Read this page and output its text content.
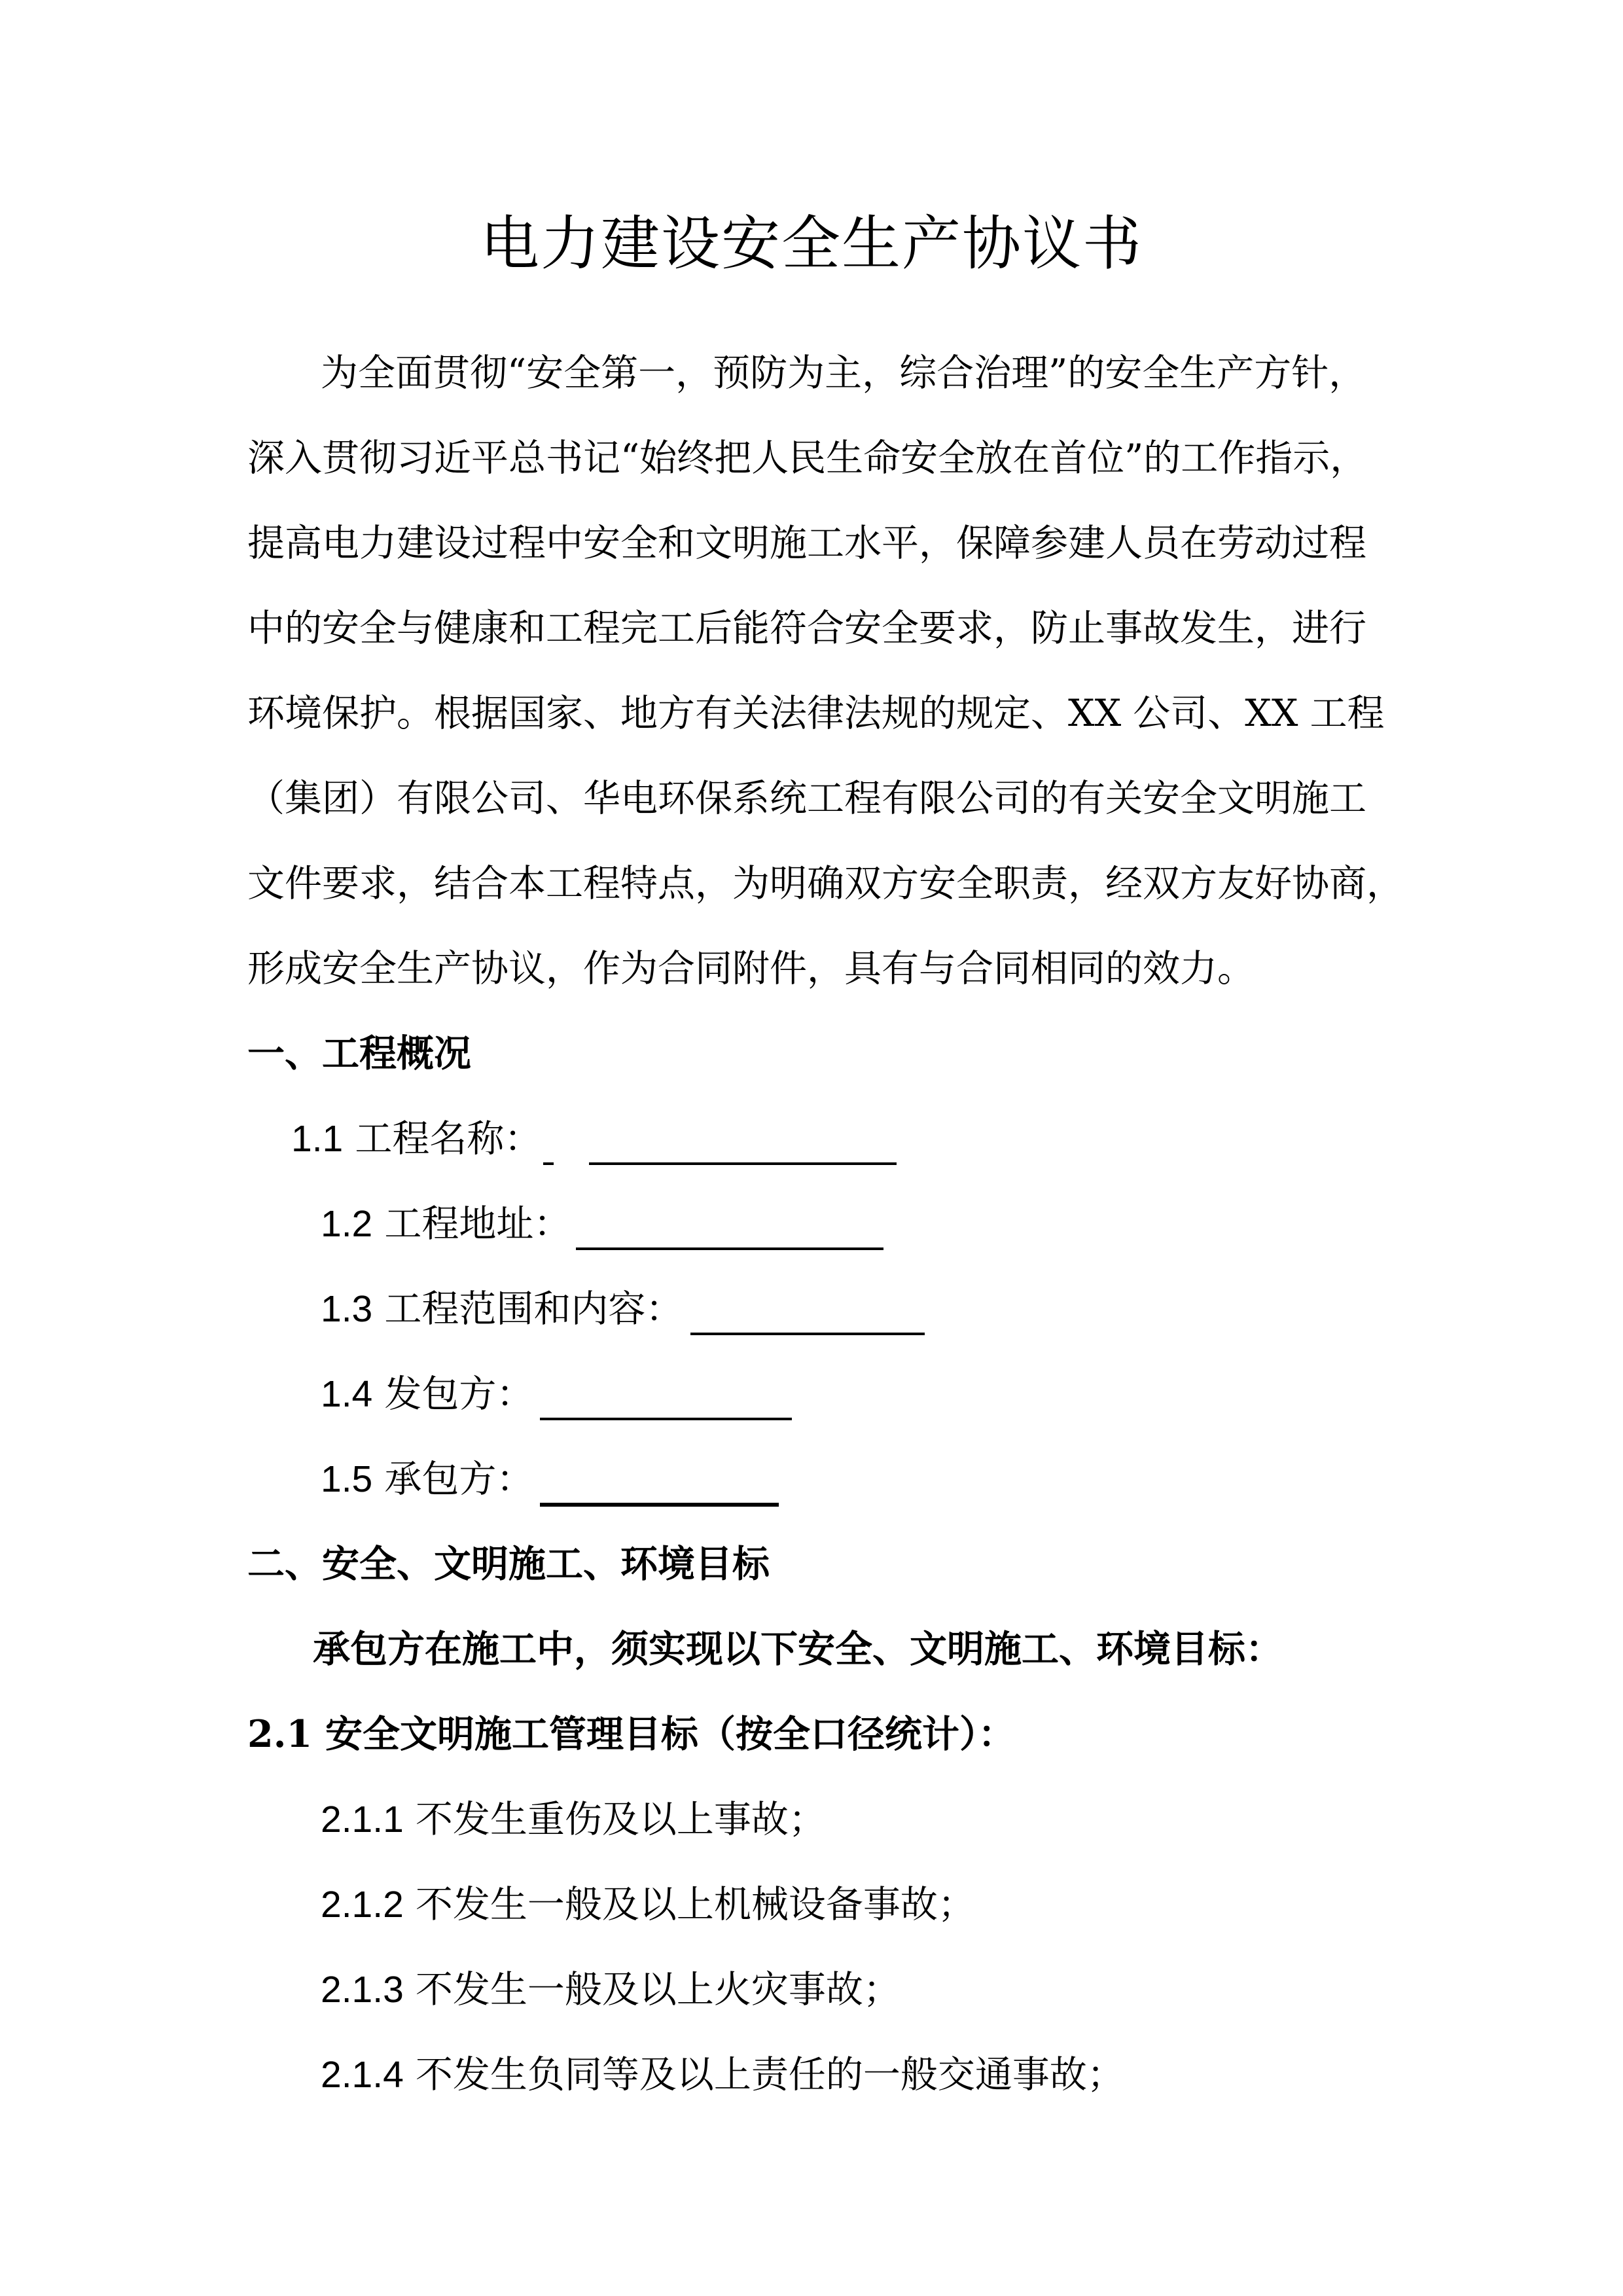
电力建设安全生产协议书
为全面贯彻“安全第一，预防为主，综合治理”的安全生产方针，
深入贯彻习近平总书记“始终把人民生命安全放在首位”的工作指示，
提高电力建设过程中安全和文明施工水平，保障参建人员在劳动过程
中的安全与健康和工程完工后能符合安全要求，防止事故发生，进行
环境保护。根据国家、地方有关法律法规的规定、XX 公司、XX 工程
（集团）有限公司、华电环保系统工程有限公司的有关安全文明施工
文件要求，结合本工程特点，为明确双方安全职责，经双方友好协商，
形成安全生产协议，作为合同附件，具有与合同相同的效力。
一、工程概况
1.1 工程名称：
1.2 工程地址：
1.3 工程范围和内容：
1.4 发包方：
1.5 承包方：
二、安全、文明施工、环境目标
承包方在施工中，须实现以下安全、文明施工、环境目标：
2.1 安全文明施工管理目标（按全口径统计）：
2.1.1 不发生重伤及以上事故；
2.1.2 不发生一般及以上机械设备事故；
2.1.3 不发生一般及以上火灾事故；
2.1.4 不发生负同等及以上责任的一般交通事故；
